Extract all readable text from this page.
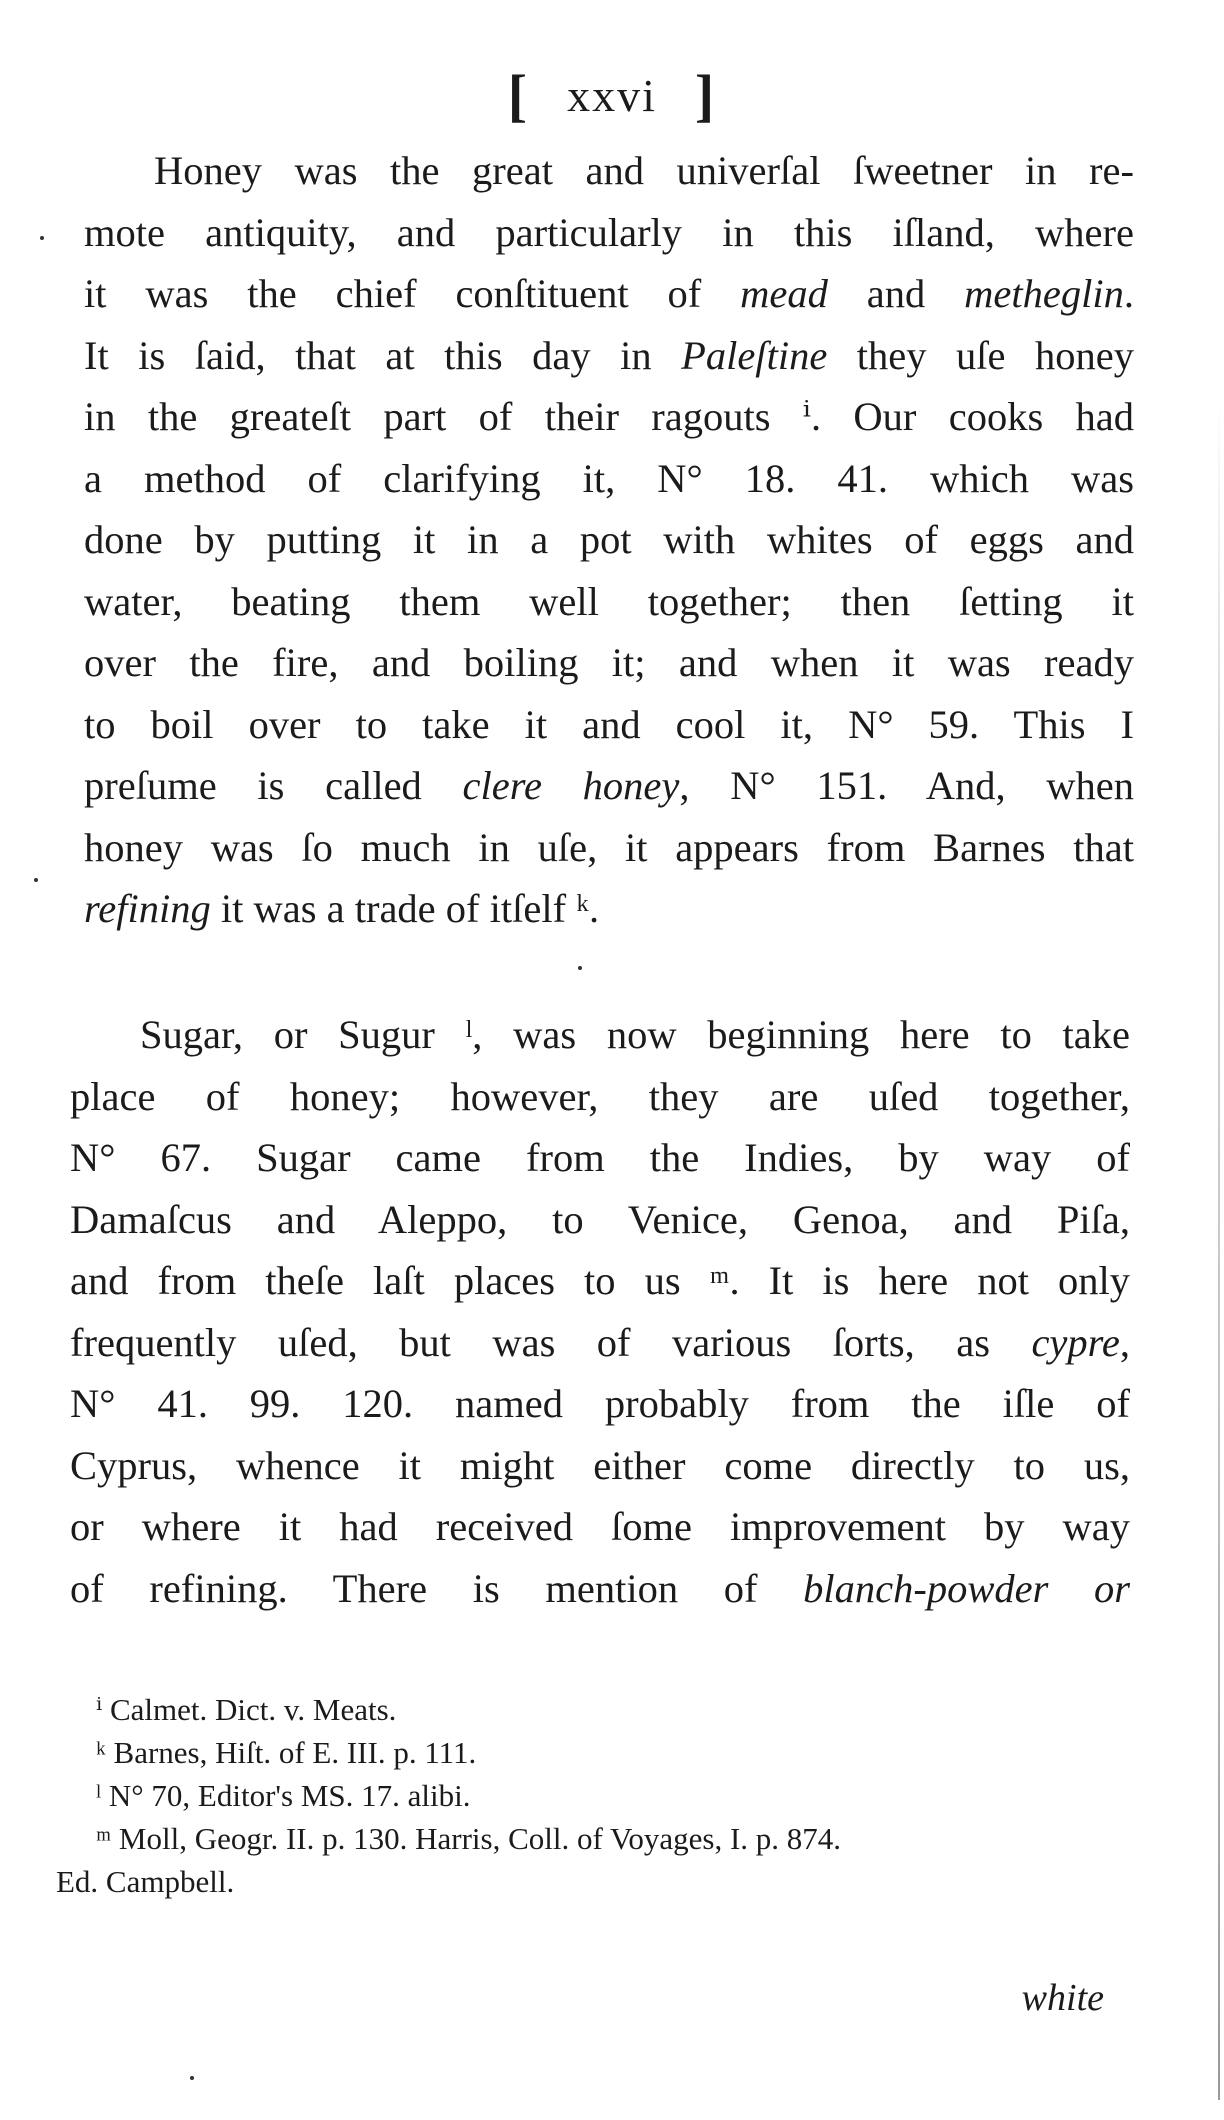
[ xxvi ]
Honey was the great and univerſal ſweetner in re-
mote antiquity, and particularly in this iſland, where
it was the chief conſtituent of mead and metheglin.
It is ſaid, that at this day in Paleſtine they uſe honey
in the greateſt part of their ragouts ⁱ. Our cooks had
a method of clarifying it, N° 18. 41. which was
done by putting it in a pot with whites of eggs and
water, beating them well together; then ſetting it
over the fire, and boiling it; and when it was ready
to boil over to take it and cool it, N° 59. This I
preſume is called clere honey, N° 151. And, when
honey was ſo much in uſe, it appears from Barnes that
refining it was a trade of itſelf ᵏ.
Sugar, or Sugur ˡ, was now beginning here to take
place of honey; however, they are uſed together,
N° 67. Sugar came from the Indies, by way of
Damaſcus and Aleppo, to Venice, Genoa, and Piſa,
and from theſe laſt places to us ᵐ. It is here not only
frequently uſed, but was of various ſorts, as cypre,
N° 41. 99. 120. named probably from the iſle of
Cyprus, whence it might either come directly to us,
or where it had received ſome improvement by way
of refining. There is mention of blanch-powder or
ⁱ Calmet. Dict. v. Meats.
ᵏ Barnes, Hiſt. of E. III. p. 111.
ˡ N° 70, Editor's MS. 17. alibi.
ᵐ Moll, Geogr. II. p. 130. Harris, Coll. of Voyages, I. p. 874.
Ed. Campbell.
white
